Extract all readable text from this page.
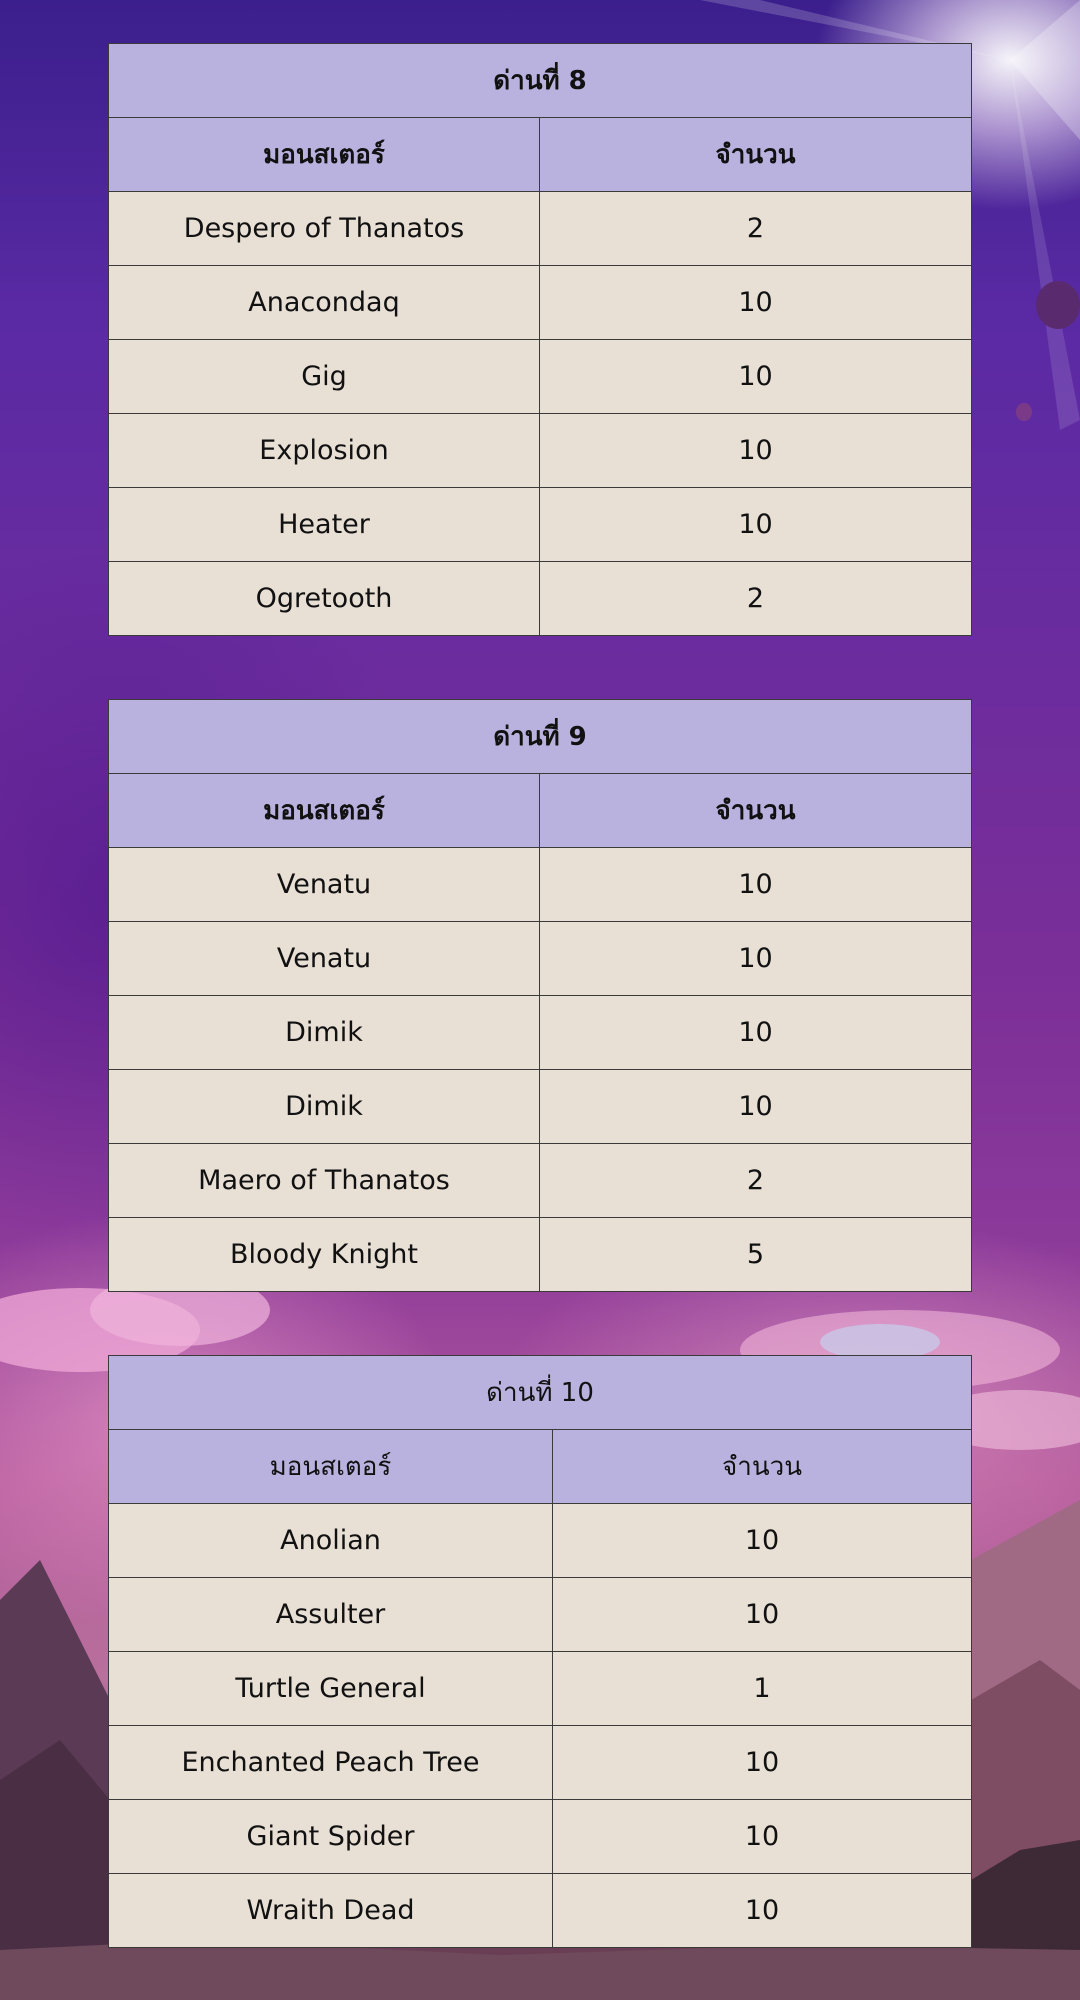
ด่านที่ 8	
มอนสเตอร์	จำนวน
Despero of Thanatos	2
Anacondaq	10
Gig	10
Explosion	10
Heater	10
Ogretooth	2
ด่านที่ 9	
มอนสเตอร์	จำนวน
Venatu	10
Venatu	10
Dimik	10
Dimik	10
Maero of Thanatos	2
Bloody Knight	5
ด่านที่ 10	
มอนสเตอร์	จำนวน
Anolian	10
Assulter	10
Turtle General	1
Enchanted Peach Tree	10
Giant Spider	10
Wraith Dead	10
